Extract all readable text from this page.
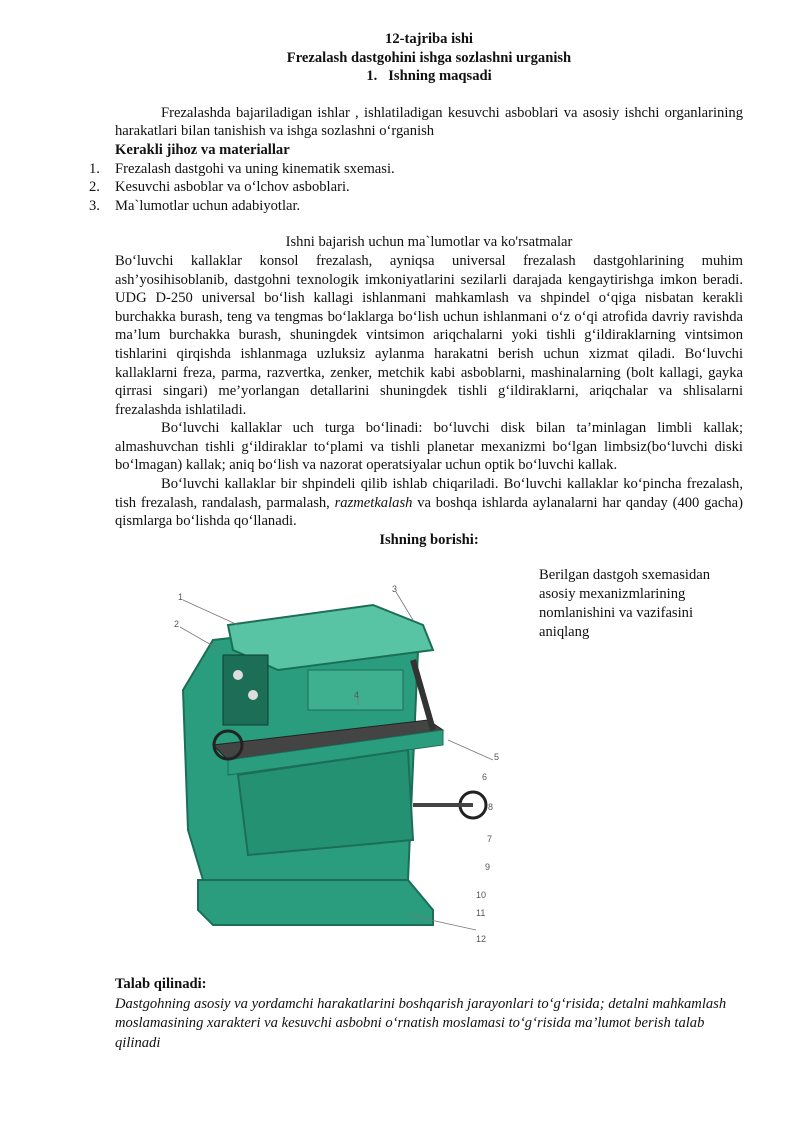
12-tajriba ishi

Frezalash dastgohini ishga sozlashni urganish

1. Ishning maqsadi

Frezalashda bajariladigan ishlar , ishlatiladigan kesuvchi asboblari va asosiy ishchi organlarining harakatlari bilan tanishish va ishga sozlashni o‘rganish

Kerakli jihoz va materiallar

1. Frezalash dastgohi va uning kinematik sxemasi.
2. Kesuvchi asboblar va o‘lchov asboblari.
3. Ma`lumotlar uchun adabiyotlar.

Ishni bajarish uchun ma`lumotlar va ko'rsatmalar

Bo‘luvchi kallaklar konsol frezalash, ayniqsa universal frezalash dastgohlarining muhim ash’yosihisoblanib, dastgohni texnologik imkoniyatlarini sezilarli darajada kengaytirishga imkon beradi. UDG D-250 universal bo‘lish kallagi ishlanmani mahkamlash va shpindel o‘qiga nisbatan kerakli burchakka burash, teng va tengmas bo‘laklarga bo‘lish uchun ishlanmani o‘z o‘qi atrofida davriy ravishda ma’lum burchakka burash, shuningdek vintsimon ariqchalarni yoki tishli g‘ildiraklarning vintsimon tishlarini qirqishda ishlanmaga uzluksiz aylanma harakatni berish uchun xizmat qiladi. Bo‘luvchi kallaklarni freza, parma, razvertka, zenker, metchik kabi asboblarni, mashinalarning (bolt kallagi, gayka qirrasi singari) me’yorlangan detallarini shuningdek tishli g‘ildiraklarni, ariqchalar va shlisalarni frezalashda ishlatiladi.

Bo‘luvchi kallaklar uch turga bo‘linadi: bo‘luvchi disk bilan ta’minlagan limbli kallak; almashuvchan tishli g‘ildiraklar to‘plami va tishli planetar mexanizmi bo‘lgan limbsiz(bo‘luvchi diski bo‘lmagan) kallak; aniq bo‘lish va nazorat operatsiyalar uchun optik bo‘luvchi kallak.

Bo‘luvchi kallaklar bir shpindeli qilib ishlab chiqariladi. Bo‘luvchi kallaklar ko‘pincha frezalash, tish frezalash, randalash, parmalash, razmetkalash va boshqa ishlarda aylanalarni har qanday (400 gacha) qismlarga bo‘lishda qo‘llanadi.

Ishning borishi:

1
2
3
4
5
6
7
8
9
10
11
12
Berilgan dastgoh sxemasidan asosiy mexanizmlarining nomlanishini va vazifasini aniqlang

Talab qilinadi:

Dastgohning asosiy va yordamchi harakatlarini boshqarish jarayonlari to‘g‘risida; detalni mahkamlash moslamasining xarakteri va kesuvchi asbobni o‘rnatish moslamasi to‘g‘risida ma’lumot berish talab qilinadi
